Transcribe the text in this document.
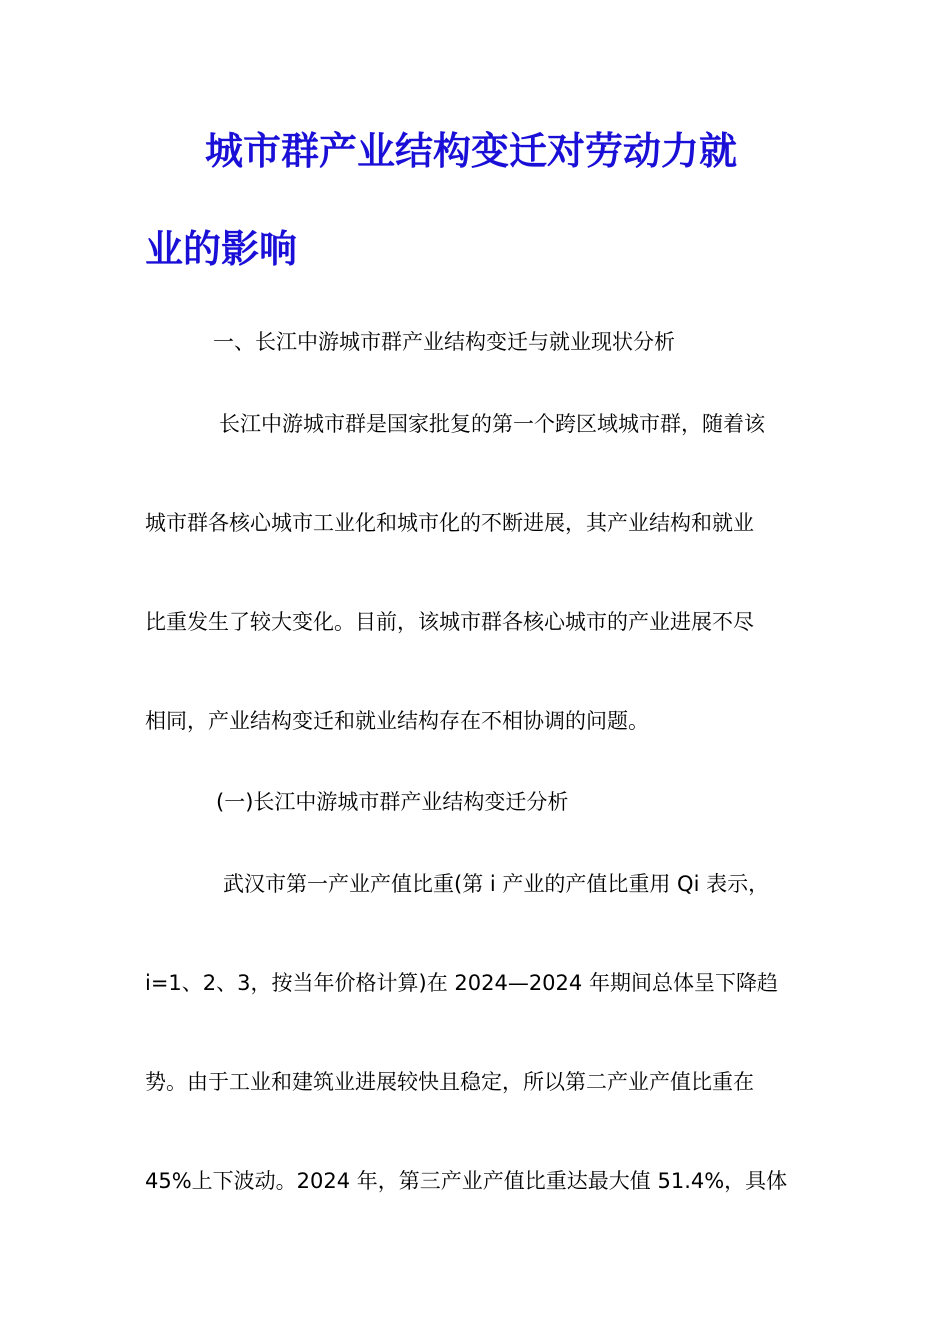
城市群产业结构变迁对劳动力就
业的影响

一、长江中游城市群产业结构变迁与就业现状分析

长江中游城市群是国家批复的第一个跨区域城市群，随着该

城市群各核心城市工业化和城市化的不断进展，其产业结构和就业

比重发生了较大变化。目前，该城市群各核心城市的产业进展不尽

相同，产业结构变迁和就业结构存在不相协调的问题。

(一)长江中游城市群产业结构变迁分析

武汉市第一产业产值比重(第 i 产业的产值比重用 Qi 表示，

i=1、2、3，按当年价格计算)在 2024—2024 年期间总体呈下降趋

势。由于工业和建筑业进展较快且稳定，所以第二产业产值比重在

45%上下波动。2024 年，第三产业产值比重达最大值 51.4%，具体
